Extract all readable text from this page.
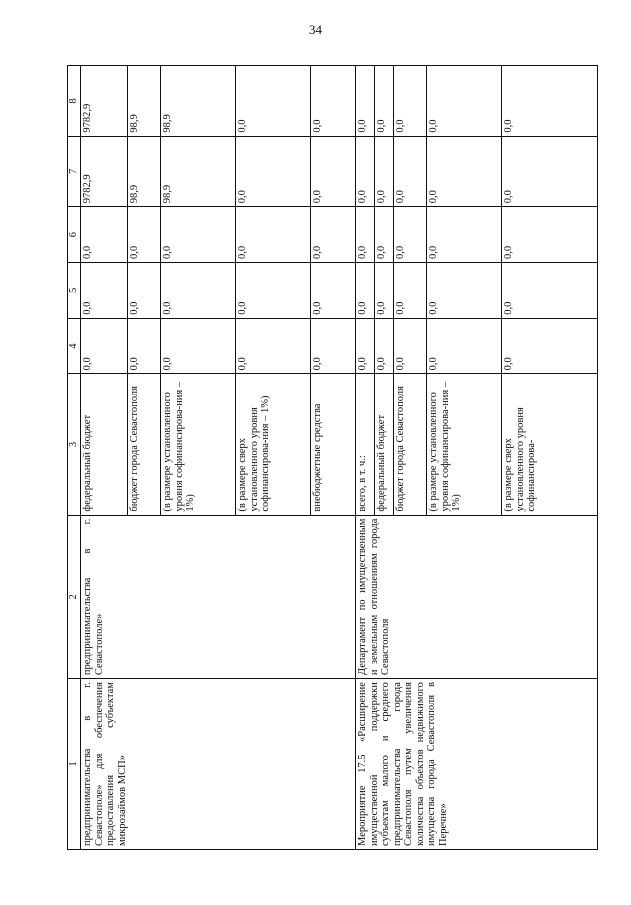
34
1	2	3	4	5	6	7	8
предпринимательства в г. Севастополе» для обеспечения предоставления субъектам микрозаймов МСП»	предпринимательства в г. Севастополе»	федеральный бюджет	0,0	0,0	0,0	9782,9	9782,9
		бюджет города Севастополя	0,0	0,0	0,0	98,9	98,9
		(в размере установленного уровня софинансирова-ния – 1%)	0,0	0,0	0,0	98,9	98,9
		(в размере сверх установленного уровня софинансирова-ния – 1%)	0,0	0,0	0,0	0,0	0,0
		внебюджетные средства	0,0	0,0	0,0	0,0	0,0
Мероприятие 17.5 «Расширение имущественной поддержки субъектам малого и среднего предпринимательства города Севастополя путем увеличения количества объектов недвижимого имущества города Севастополя в Перечне»	Департамент по имущественным и земельным отношениям города Севастополя	всего, в т. ч.:	0,0	0,0	0,0	0,0	0,0
		федеральный бюджет	0,0	0,0	0,0	0,0	0,0
		бюджет города Севастополя	0,0	0,0	0,0	0,0	0,0
		(в размере установленного уровня софинансирова-ния – 1%)	0,0	0,0	0,0	0,0	0,0
		(в размере сверх установленного уровня софинансирова-	0,0	0,0	0,0	0,0	0,0
